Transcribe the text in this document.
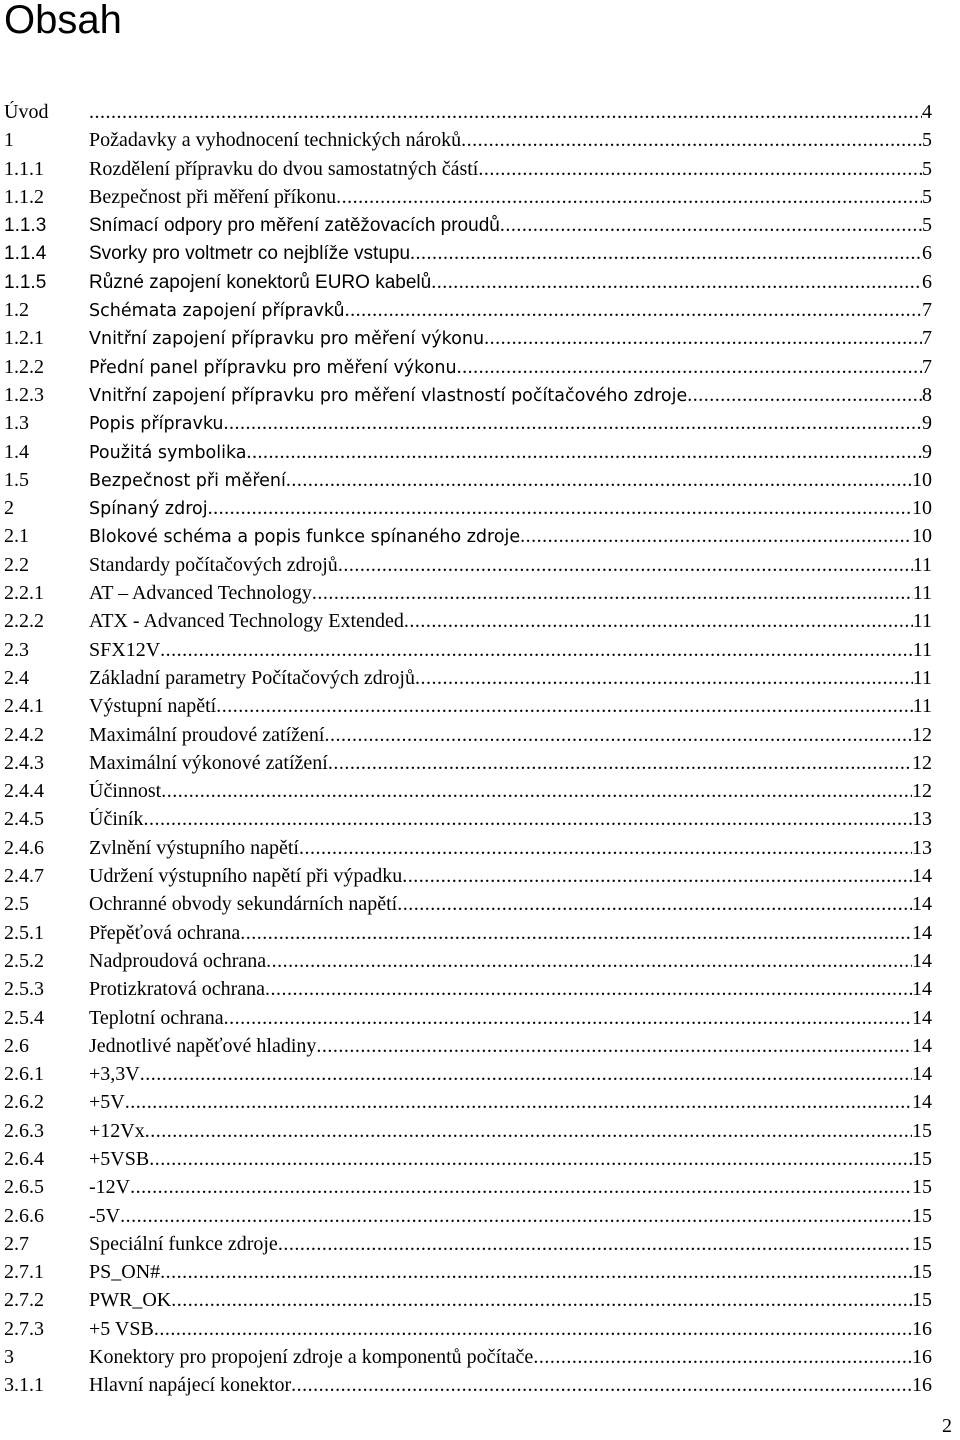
Obsah
Úvod .....	4
1	Požadavky a vyhodnocení technických nároků .....	5
1.1.1	Rozdělení přípravku do dvou samostatných částí .....	5
1.1.2	Bezpečnost při měření příkonu .....	5
1.1.3	Snímací odpory pro měření zatěžovacích proudů .....	5
1.1.4	Svorky pro voltmetr co nejblíže vstupu .....	6
1.1.5	Různé zapojení konektorů EURO kabelů .....	6
1.2	Schémata zapojení přípravků .....	7
1.2.1	Vnitřní zapojení přípravku pro měření výkonu .....	7
1.2.2	Přední panel přípravku pro měření výkonu .....	7
1.2.3	Vnitřní zapojení přípravku pro měření vlastností počítačového zdroje .....	8
1.3	Popis přípravku .....	9
1.4	Použitá symbolika .....	9
1.5	Bezpečnost při měření .....	10
2	Spínaný zdroj .....	10
2.1	Blokové schéma a popis funkce spínaného zdroje .....	10
2.2	Standardy počítačových zdrojů .....	11
2.2.1	AT – Advanced Technology .....	11
2.2.2	ATX - Advanced Technology Extended .....	11
2.3	SFX12V .....	11
2.4	Základní parametry Počítačových zdrojů .....	11
2.4.1	Výstupní napětí .....	11
2.4.2	Maximální proudové zatížení .....	12
2.4.3	Maximální výkonové zatížení .....	12
2.4.4	Účinnost .....	12
2.4.5	Účiník .....	13
2.4.6	Zvlnění výstupního napětí .....	13
2.4.7	Udržení výstupního napětí při výpadku .....	14
2.5	Ochranné obvody sekundárních napětí .....	14
2.5.1	Přepěťová ochrana .....	14
2.5.2	Nadproudová ochrana .....	14
2.5.3	Protizkratová ochrana .....	14
2.5.4	Teplotní ochrana .....	14
2.6	Jednotlivé napěťové hladiny .....	14
2.6.1	+3,3V .....	14
2.6.2	+5V .....	14
2.6.3	+12Vx .....	15
2.6.4	+5VSB .....	15
2.6.5	-12V .....	15
2.6.6	-5V .....	15
2.7	Speciální funkce zdroje .....	15
2.7.1	PS_ON# .....	15
2.7.2	PWR_OK .....	15
2.7.3	+5 VSB .....	16
3	Konektory pro propojení zdroje a komponentů počítače .....	16
3.1.1	Hlavní napájecí konektor .....	16
2
